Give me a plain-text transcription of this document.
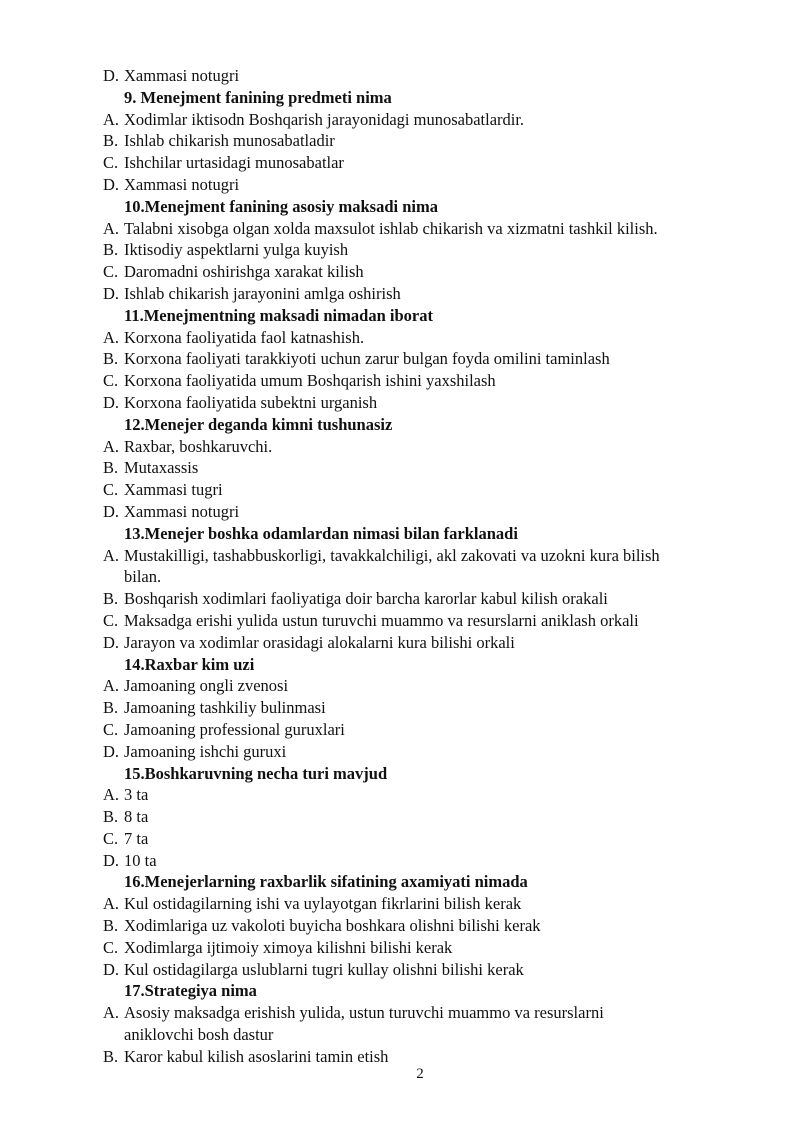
D. Xammasi notugri
9. Menejment fanining predmeti nima
A. Xodimlar iktisodn Boshqarish jarayonidagi munosabatlardir.
B. Ishlab chikarish munosabatladir
C. Ishchilar urtasidagi munosabatlar
D. Xammasi notugri
10.Menejment fanining asosiy maksadi nima
A. Talabni xisobga olgan xolda maxsulot ishlab chikarish va xizmatni tashkil kilish.
B. Iktisodiy aspektlarni yulga kuyish
C. Daromadni oshirishga xarakat kilish
D. Ishlab chikarish jarayonini amlga oshirish
11.Menejmentning maksadi nimadan iborat
A. Korxona faoliyatida faol katnashish.
B. Korxona faoliyati tarakkiyoti uchun zarur bulgan foyda omilini taminlash
C. Korxona faoliyatida umum Boshqarish ishini yaxshilash
D. Korxona faoliyatida subektni urganish
12.Menejer deganda kimni tushunasiz
A. Raxbar, boshkaruvchi.
B. Mutaxassis
C. Xammasi tugri
D. Xammasi notugri
13.Menejer boshka odamlardan nimasi bilan farklanadi
A. Mustakilligi, tashabbuskorligi, tavakkalchiligi, akl zakovati va uzokni kura bilish
bilan.
B. Boshqarish xodimlari faoliyatiga doir barcha karorlar kabul kilish orakali
C. Maksadga erishi yulida ustun turuvchi muammo va resurslarni aniklash orkali
D. Jarayon va xodimlar orasidagi alokalarni kura bilishi orkali
14.Raxbar kim uzi
A. Jamoaning ongli zvenosi
B. Jamoaning tashkiliy bulinmasi
C. Jamoaning professional guruxlari
D. Jamoaning ishchi guruxi
15.Boshkaruvning necha turi mavjud
A. 3 ta
B. 8 ta
C. 7 ta
D. 10 ta
16.Menejerlarning raxbarlik sifatining axamiyati nimada
A. Kul ostidagilarning ishi va uylayotgan fikrlarini bilish kerak
B. Xodimlariga uz vakoloti buyicha boshkara olishni bilishi kerak
C. Xodimlarga ijtimoiy ximoya kilishni bilishi kerak
D. Kul ostidagilarga uslublarni tugri kullay olishni bilishi kerak
17.Strategiya nima
A. Asosiy maksadga erishish yulida, ustun turuvchi muammo va resurslarni
aniklovchi bosh dastur
B. Karor kabul kilish asoslarini tamin etish
2
